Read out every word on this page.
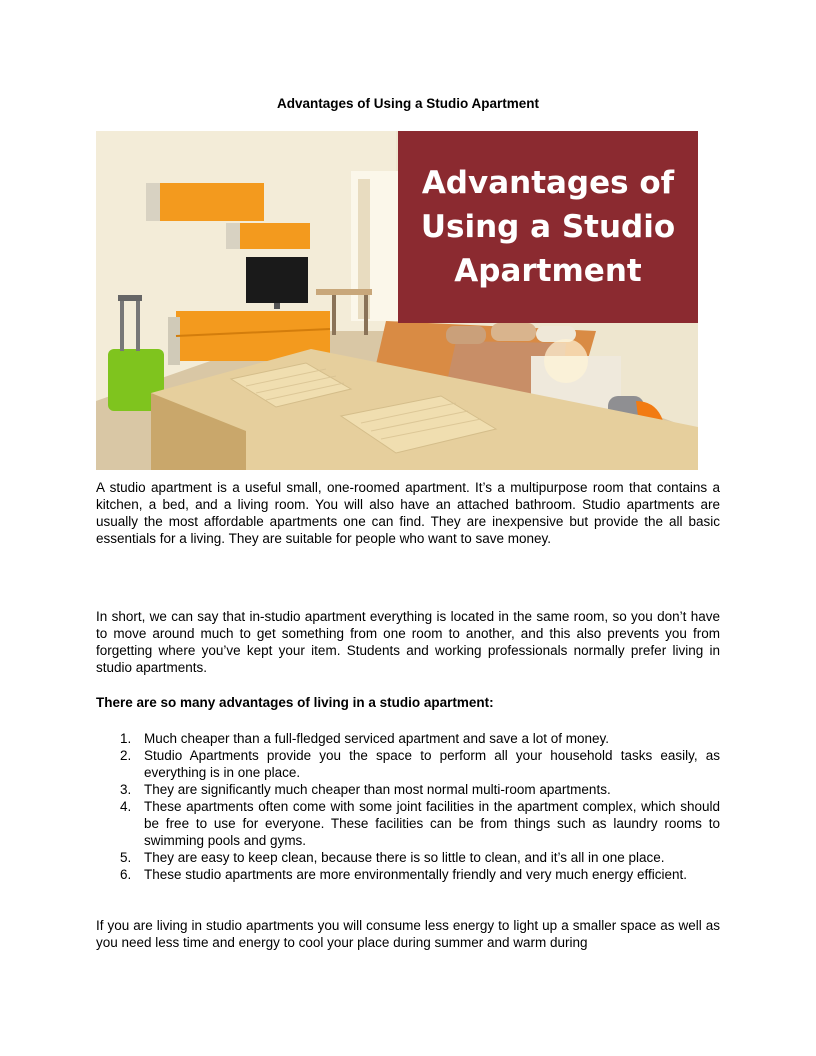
Advantages of Using a Studio Apartment
Advantages of Using a Studio Apartment
A studio apartment is a useful small, one-roomed apartment. It’s a multipurpose room that contains a kitchen, a bed, and a living room. You will also have an attached bathroom. Studio apartments are usually the most affordable apartments one can find. They are inexpensive but provide the all basic essentials for a living. They are suitable for people who want to save money.
In short, we can say that in-studio apartment everything is located in the same room, so you don’t have to move around much to get something from one room to another, and this also prevents you from forgetting where you’ve kept your item. Students and working professionals normally prefer living in studio apartments.
There are so many advantages of living in a studio apartment:
1. Much cheaper than a full-fledged serviced apartment and save a lot of money.
2. Studio Apartments provide you the space to perform all your household tasks easily, as everything is in one place.
3. They are significantly much cheaper than most normal multi-room apartments.
4. These apartments often come with some joint facilities in the apartment complex, which should be free to use for everyone. These facilities can be from things such as laundry rooms to swimming pools and gyms.
5. They are easy to keep clean, because there is so little to clean, and it’s all in one place.
6. These studio apartments are more environmentally friendly and very much energy efficient.
If you are living in studio apartments you will consume less energy to light up a smaller space as well as you need less time and energy to cool your place during summer and warm during
